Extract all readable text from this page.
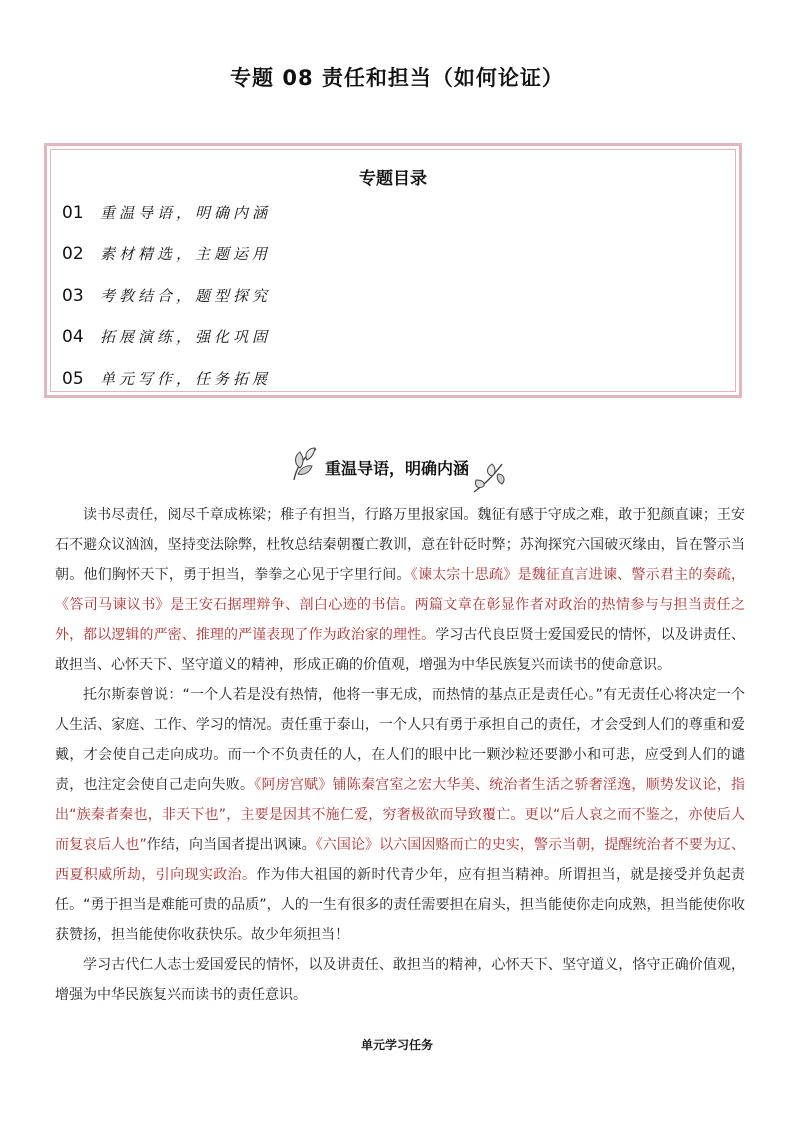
专题 08 责任和担当（如何论证）
专题目录
01 重温导语，明确内涵
02 素材精选，主题运用
03 考教结合，题型探究
04 拓展演练，强化巩固
05 单元写作，任务拓展
重温导语，明确内涵

读书尽责任，阅尽千章成栋梁；稚子有担当，行路万里报家国。魏征有感于守成之难，敢于犯颜直谏；王安石不避众议汹汹，坚持变法除弊，杜牧总结秦朝覆亡教训，意在针砭时弊；苏洵探究六国破灭缘由，旨在警示当朝。他们胸怀天下，勇于担当，拳拳之心见于字里行间。《谏太宗十思疏》是魏征直言进谏、警示君主的奏疏，《答司马谏议书》是王安石据理辩争、剖白心迹的书信。两篇文章在彰显作者对政治的热情参与与担当责任之外，都以逻辑的严密、推理的严谨表现了作为政治家的理性。学习古代良臣贤士爱国爱民的情怀，以及讲责任、敢担当、心怀天下、坚守道义的精神，形成正确的价值观，增强为中华民族复兴而读书的使命意识。

托尔斯泰曾说：“一个人若是没有热情，他将一事无成，而热情的基点正是责任心。”有无责任心将决定一个人生活、家庭、工作、学习的情况。责任重于泰山，一个人只有勇于承担自己的责任，才会受到人们的尊重和爱戴，才会使自己走向成功。而一个不负责任的人，在人们的眼中比一颗沙粒还要渺小和可悲，应受到人们的谴责，也注定会使自己走向失败。《阿房宫赋》铺陈秦宫室之宏大华美、统治者生活之骄奢淫逸，顺势发议论，指出“族秦者秦也，非天下也”，主要是因其不施仁爱，穷奢极欲而导致覆亡。更以“后人哀之而不鉴之，亦使后人而复哀后人也”作结，向当国者提出讽谏。《六国论》以六国因赂而亡的史实，警示当朝，提醒统治者不要为辽、西夏积威所劫，引向现实政治。作为伟大祖国的新时代青少年，应有担当精神。所谓担当，就是接受并负起责任。“勇于担当是难能可贵的品质”，人的一生有很多的责任需要担在肩头，担当能使你走向成熟，担当能使你收获赞扬，担当能使你收获快乐。故少年须担当！

学习古代仁人志士爱国爱民的情怀，以及讲责任、敢担当的精神，心怀天下、坚守道义，恪守正确价值观，增强为中华民族复兴而读书的责任意识。

单元学习任务
